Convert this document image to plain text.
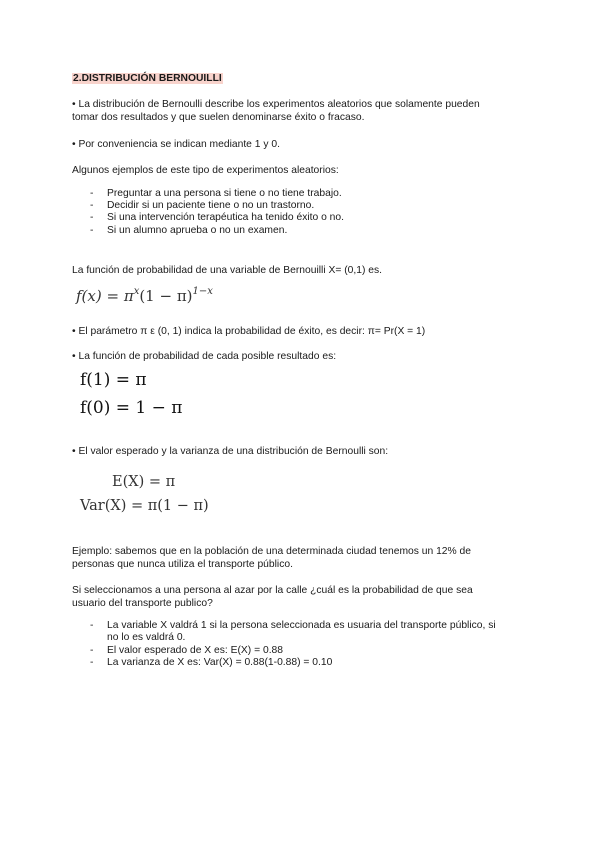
2.DISTRIBUCIÓN BERNOUILLI
• La distribución de Bernoulli describe los experimentos aleatorios que solamente pueden
tomar dos resultados y que suelen denominarse éxito o fracaso.
• Por conveniencia se indican mediante 1 y 0.
Algunos ejemplos de este tipo de experimentos aleatorios:
- Preguntar a una persona si tiene o no tiene trabajo.
- Decidir si un paciente tiene o no un trastorno.
- Si una intervención terapéutica ha tenido éxito o no.
- Si un alumno aprueba o no un examen.
La función de probabilidad de una variable de Bernouilli X= (0,1) es.
$f(x) = \pi^x(1 - \pi)^{1-x}$
• El parámetro π ε (0, 1) indica la probabilidad de éxito, es decir: π= Pr(X = 1)
• La función de probabilidad de cada posible resultado es:
f(1) = π
f(0) = 1 − π
• El valor esperado y la varianza de una distribución de Bernoulli son:
E(X) = π
Var(X) = π(1 − π)
Ejemplo: sabemos que en la población de una determinada ciudad tenemos un 12% de
personas que nunca utiliza el transporte público.
Si seleccionamos a una persona al azar por la calle ¿cuál es la probabilidad de que sea
usuario del transporte publico?
- La variable X valdrá 1 si la persona seleccionada es usuaria del transporte público, si
no lo es valdrá 0.
- El valor esperado de X es: E(X) = 0.88
- La varianza de X es: Var(X) = 0.88(1-0.88) = 0.10
